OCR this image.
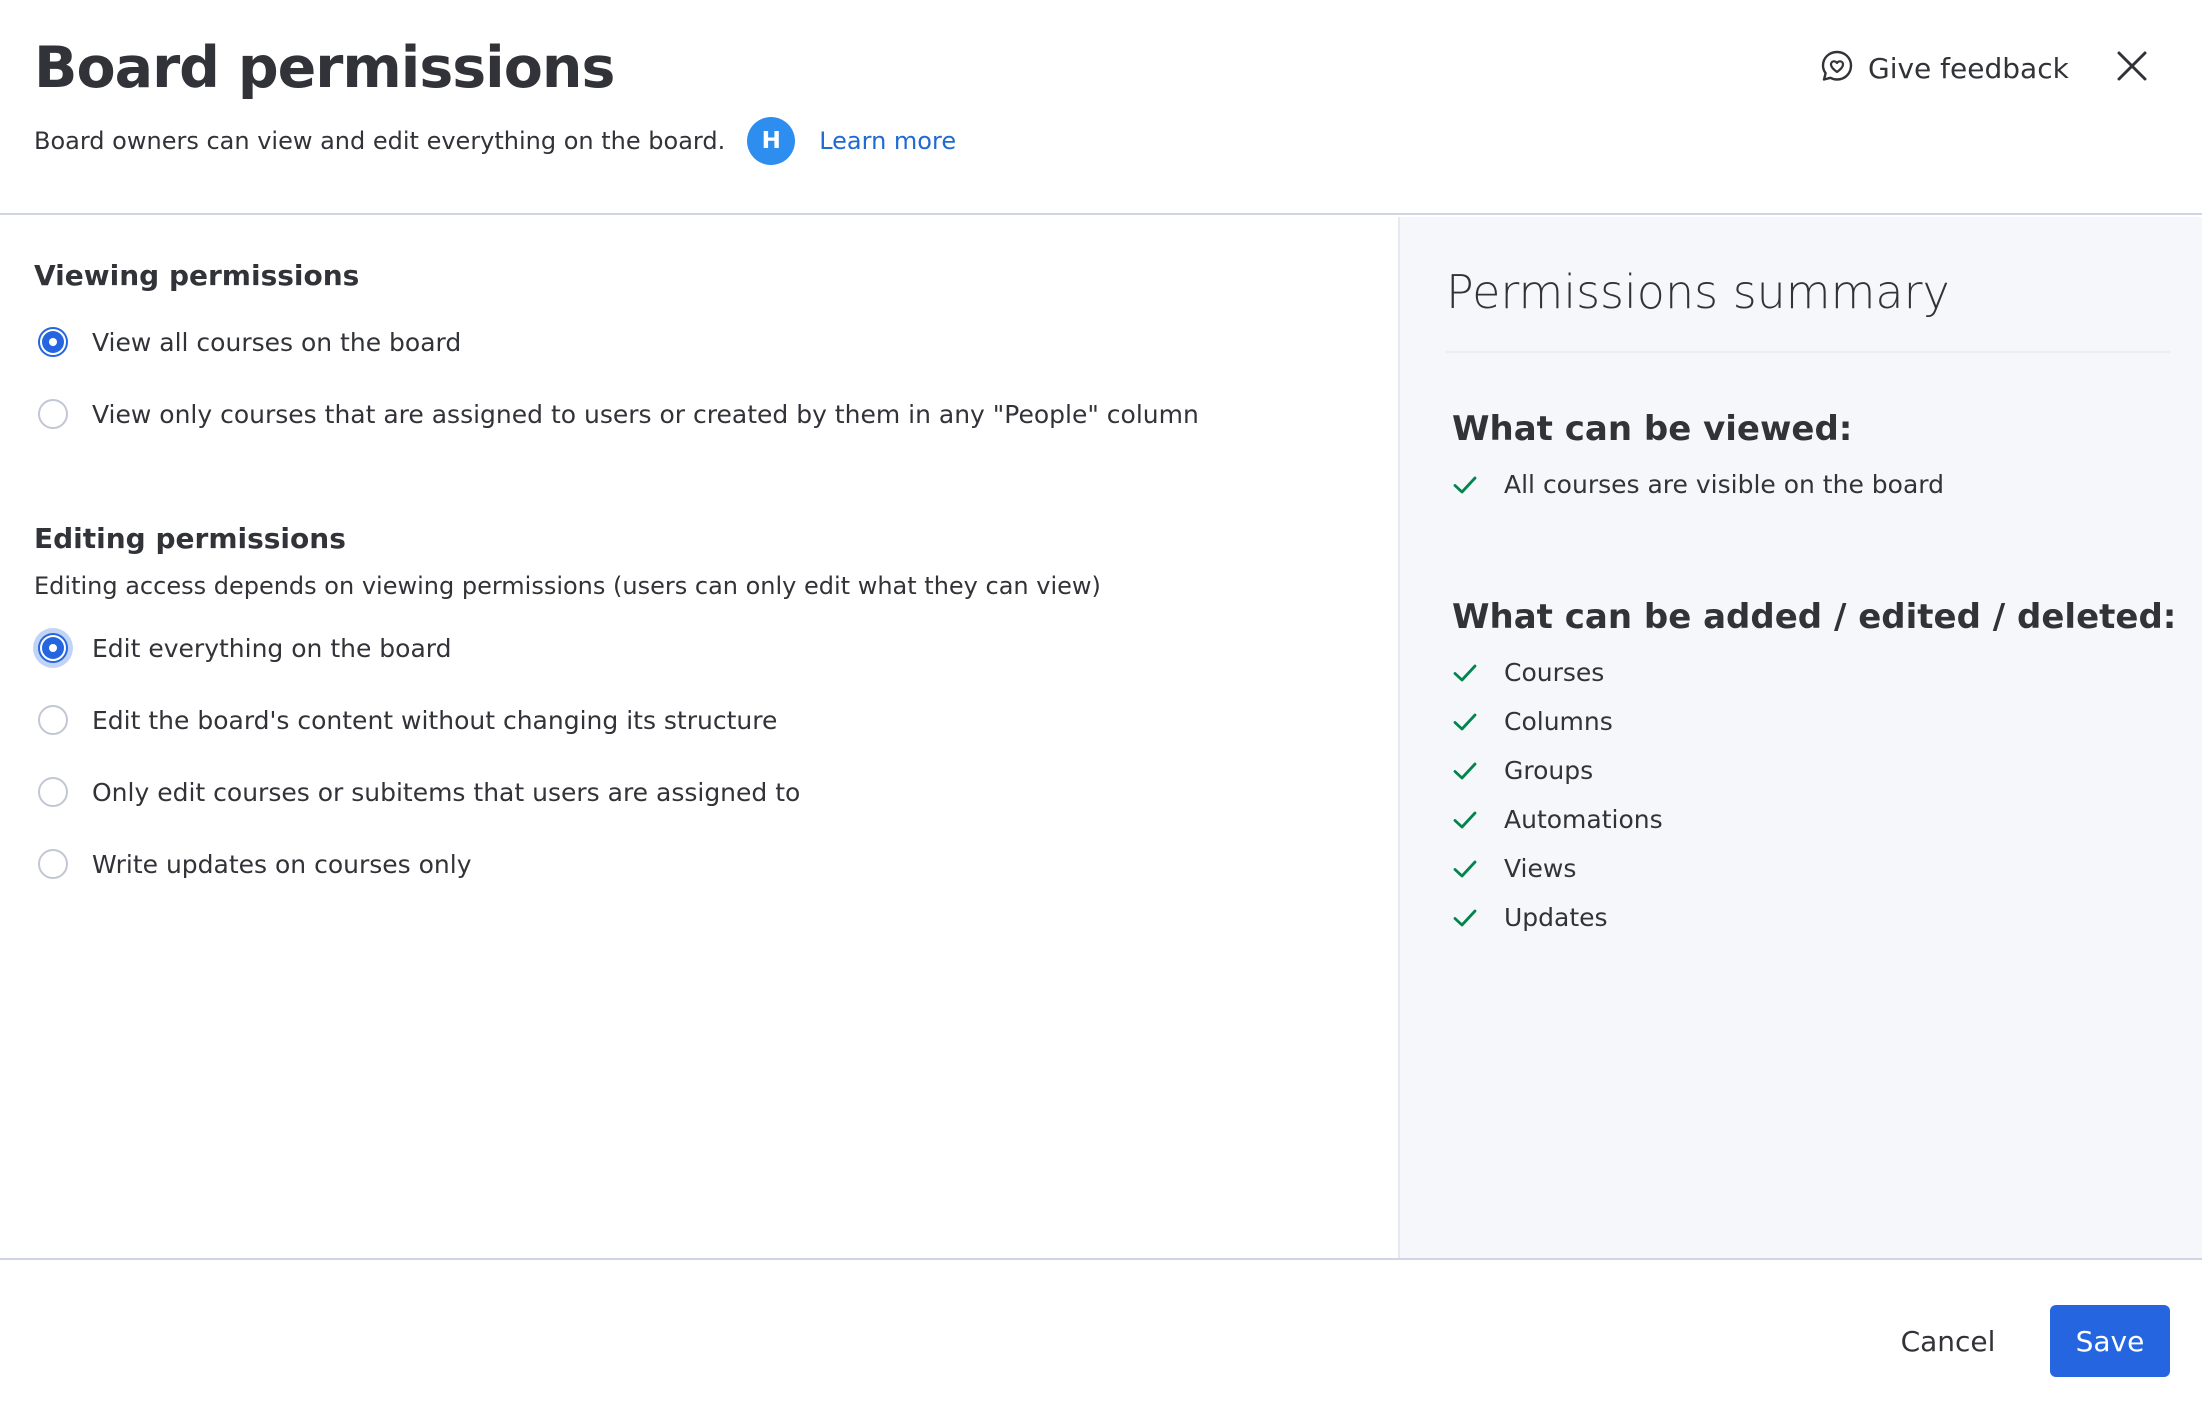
Board permissions
Board owners can view and edit everything on the board.	H	Learn more
Give feedback
Viewing permissions
View all courses on the board
View only courses that are assigned to users or created by them in any "People" column
Editing permissions
Editing access depends on viewing permissions (users can only edit what they can view)
Edit everything on the board
Edit the board's content without changing its structure
Only edit courses or subitems that users are assigned to
Write updates on courses only
Permissions summary
What can be viewed:
All courses are visible on the board
What can be added / edited / deleted:
Courses
Columns
Groups
Automations
Views
Updates
Cancel	Save
